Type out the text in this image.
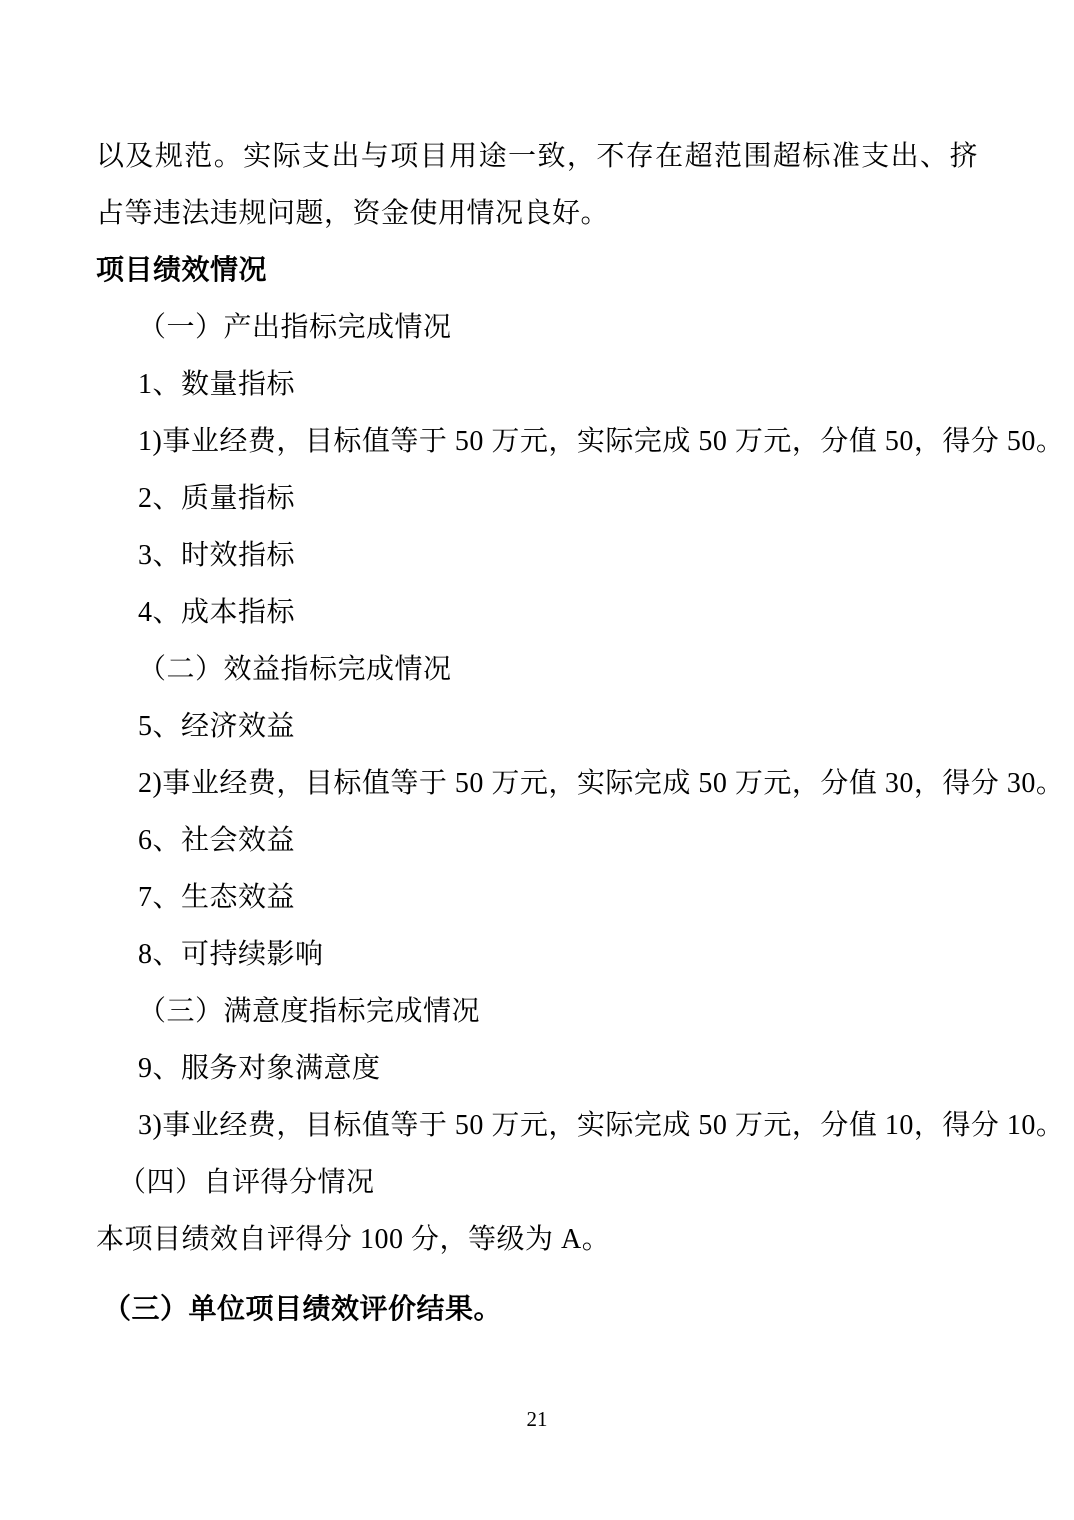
以及规范。实际支出与项目用途一致，不存在超范围超标准支出、挤占等违法违规问题，资金使用情况良好。

项目绩效情况

（一）产出指标完成情况

1、数量指标

1)事业经费，目标值等于 50 万元，实际完成 50 万元，分值 50，得分 50。

2、质量指标

3、时效指标

4、成本指标

（二）效益指标完成情况

5、经济效益

2)事业经费，目标值等于 50 万元，实际完成 50 万元，分值 30，得分 30。

6、社会效益

7、生态效益

8、可持续影响

（三）满意度指标完成情况

9、服务对象满意度

3)事业经费，目标值等于 50 万元，实际完成 50 万元，分值 10，得分 10。

（四）自评得分情况

本项目绩效自评得分 100 分，等级为 A。

（三）单位项目绩效评价结果。

21
